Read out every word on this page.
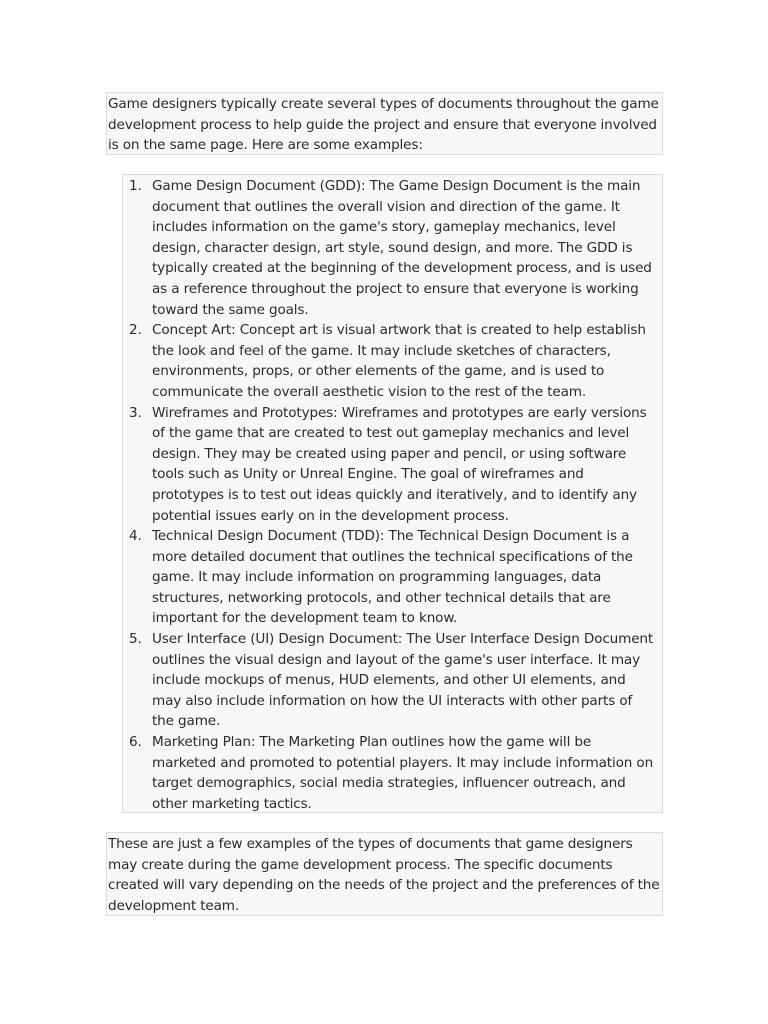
Game designers typically create several types of documents throughout the game development process to help guide the project and ensure that everyone involved is on the same page. Here are some examples:

1. Game Design Document (GDD): The Game Design Document is the main document that outlines the overall vision and direction of the game. It includes information on the game's story, gameplay mechanics, level design, character design, art style, sound design, and more. The GDD is typically created at the beginning of the development process, and is used as a reference throughout the project to ensure that everyone is working toward the same goals.
2. Concept Art: Concept art is visual artwork that is created to help establish the look and feel of the game. It may include sketches of characters, environments, props, or other elements of the game, and is used to communicate the overall aesthetic vision to the rest of the team.
3. Wireframes and Prototypes: Wireframes and prototypes are early versions of the game that are created to test out gameplay mechanics and level design. They may be created using paper and pencil, or using software tools such as Unity or Unreal Engine. The goal of wireframes and prototypes is to test out ideas quickly and iteratively, and to identify any potential issues early on in the development process.
4. Technical Design Document (TDD): The Technical Design Document is a more detailed document that outlines the technical specifications of the game. It may include information on programming languages, data structures, networking protocols, and other technical details that are important for the development team to know.
5. User Interface (UI) Design Document: The User Interface Design Document outlines the visual design and layout of the game's user interface. It may include mockups of menus, HUD elements, and other UI elements, and may also include information on how the UI interacts with other parts of the game.
6. Marketing Plan: The Marketing Plan outlines how the game will be marketed and promoted to potential players. It may include information on target demographics, social media strategies, influencer outreach, and other marketing tactics.

These are just a few examples of the types of documents that game designers may create during the game development process. The specific documents created will vary depending on the needs of the project and the preferences of the development team.
